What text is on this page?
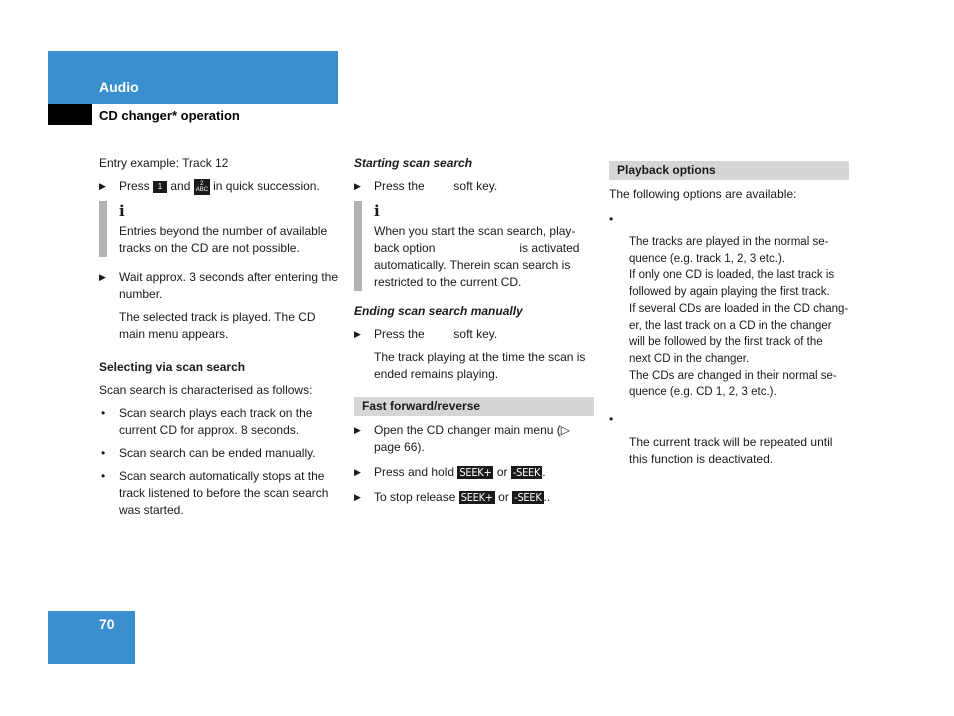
Audio
CD changer* operation

Entry example: Track 12

▶ Press 1 and 2 ABC in quick succession.
i
Entries beyond the number of available tracks on the CD are not possible.
▶ Wait approx. 3 seconds after entering the number.

The selected track is played. The CD main menu appears.

Selecting via scan search

Scan search is characterised as follows:

• Scan search plays each track on the current CD for approx. 8 seconds.
• Scan search can be ended manually.
• Scan search automatically stops at the track listened to before the scan search was started.

Starting scan search

▶ Press the soft key.
i
When you start the scan search, play-
back option	is activated
automatically. Therein scan search is restricted to the current CD.

Ending scan search manually

▶ Press the soft key.

The track playing at the time the scan is ended remains playing.

Fast forward/reverse
▶ Open the CD changer main menu (▷ page 66).
▶ Press and hold SEEK+ or -SEEK .
▶ To stop release SEEK+ or -SEEK ..
Playback options

The following options are available:

•
The tracks are played in the normal se-
quence (e.g. track 1, 2, 3 etc.).
If only one CD is loaded, the last track is
followed by again playing the first track.
If several CDs are loaded in the CD chang-
er, the last track on a CD in the changer
will be followed by the first track of the
next CD in the changer.
The CDs are changed in their normal se-
quence (e.g. CD 1, 2, 3 etc.).
•
The current track will be repeated until
this function is deactivated.
70
